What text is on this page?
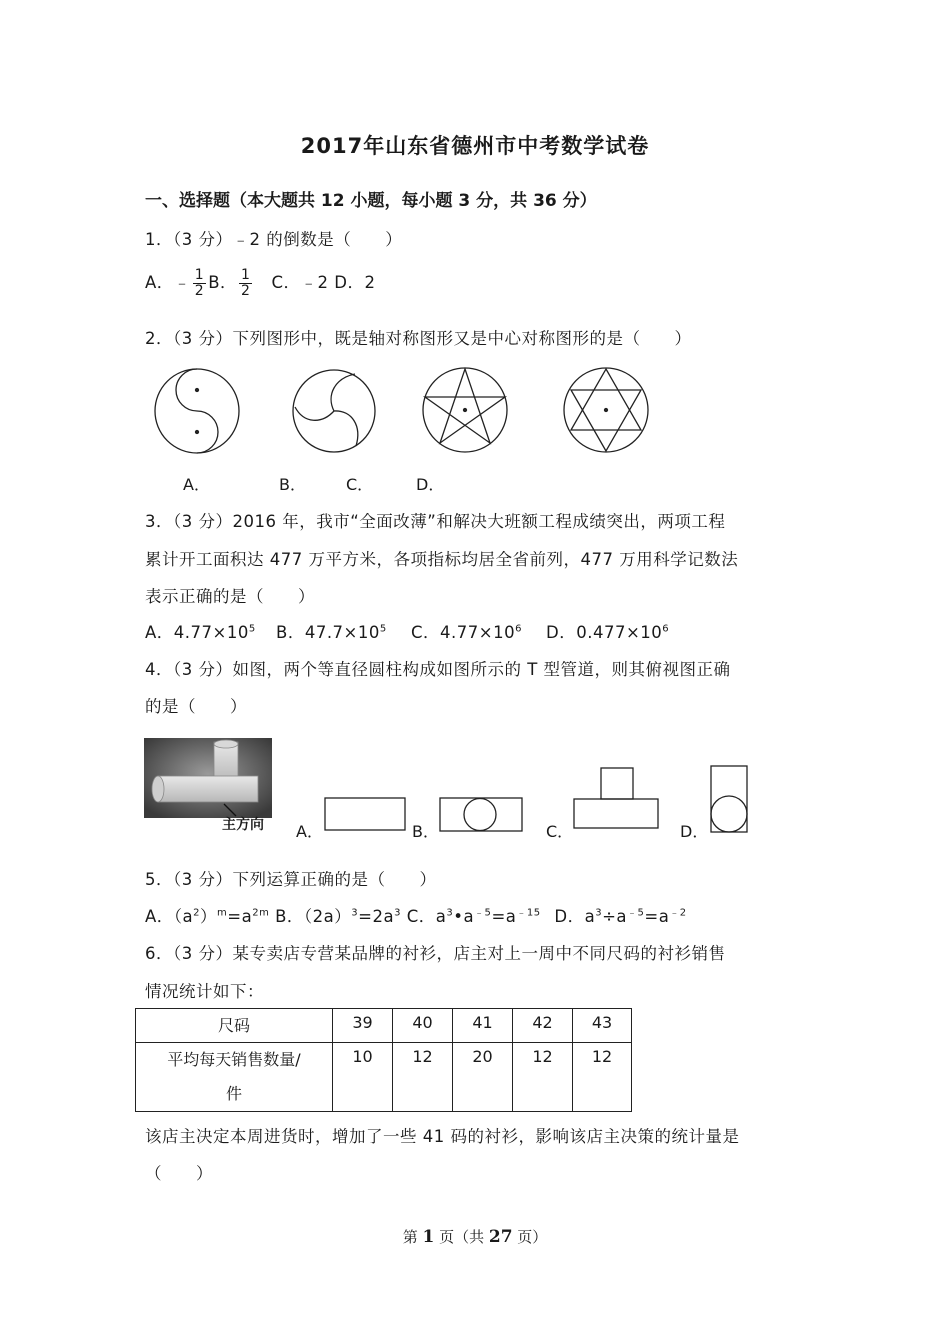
2017年山东省德州市中考数学试卷
一、选择题（本大题共 12 小题，每小题 3 分，共 36 分）
1．（3 分）﹣2 的倒数是（　　）
A．﹣ $\frac{1}{2}$ B． $\frac{1}{2}$ 　C．﹣2 D．2
2．（3 分）下列图形中，既是轴对称图形又是中心对称图形的是（　　）
A．	B．	C．	D．
3．（3 分）2016 年，我市“全面改薄”和解决大班额工程成绩突出，两项工程
累计开工面积达 477 万平方米，各项指标均居全省前列，477 万用科学记数法
表示正确的是（　　）
A．$4.77\times 10^5$ B．$47.7\times 10^5$ C．$4.77\times 10^6$ D．$0.477\times 10^6$
4．（3 分）如图，两个等直径圆柱构成如图所示的 T 型管道，则其俯视图正确
的是（　　）
主方向 A．	B．	C．	D．
5．（3 分）下列运算正确的是（　　）
A．$(a^2)^m=a^{2m}$ B．$(2a)^3=2a^3$ C．$a^3•a^{﹣5}=a^{﹣15}$ D．$a^3\div a^{﹣5}=a^{﹣2}$
6．（3 分）某专卖店专营某品牌的衬衫，店主对上一周中不同尺码的衬衫销售
情况统计如下：
尺码	39	40	41	42	43

平均每天销售数量/
件	10	12	20	12	12
该店主决定本周进货时，增加了一些 41 码的衬衫，影响该店主决策的统计量是
（　　）
第 1 页（共 27 页）
